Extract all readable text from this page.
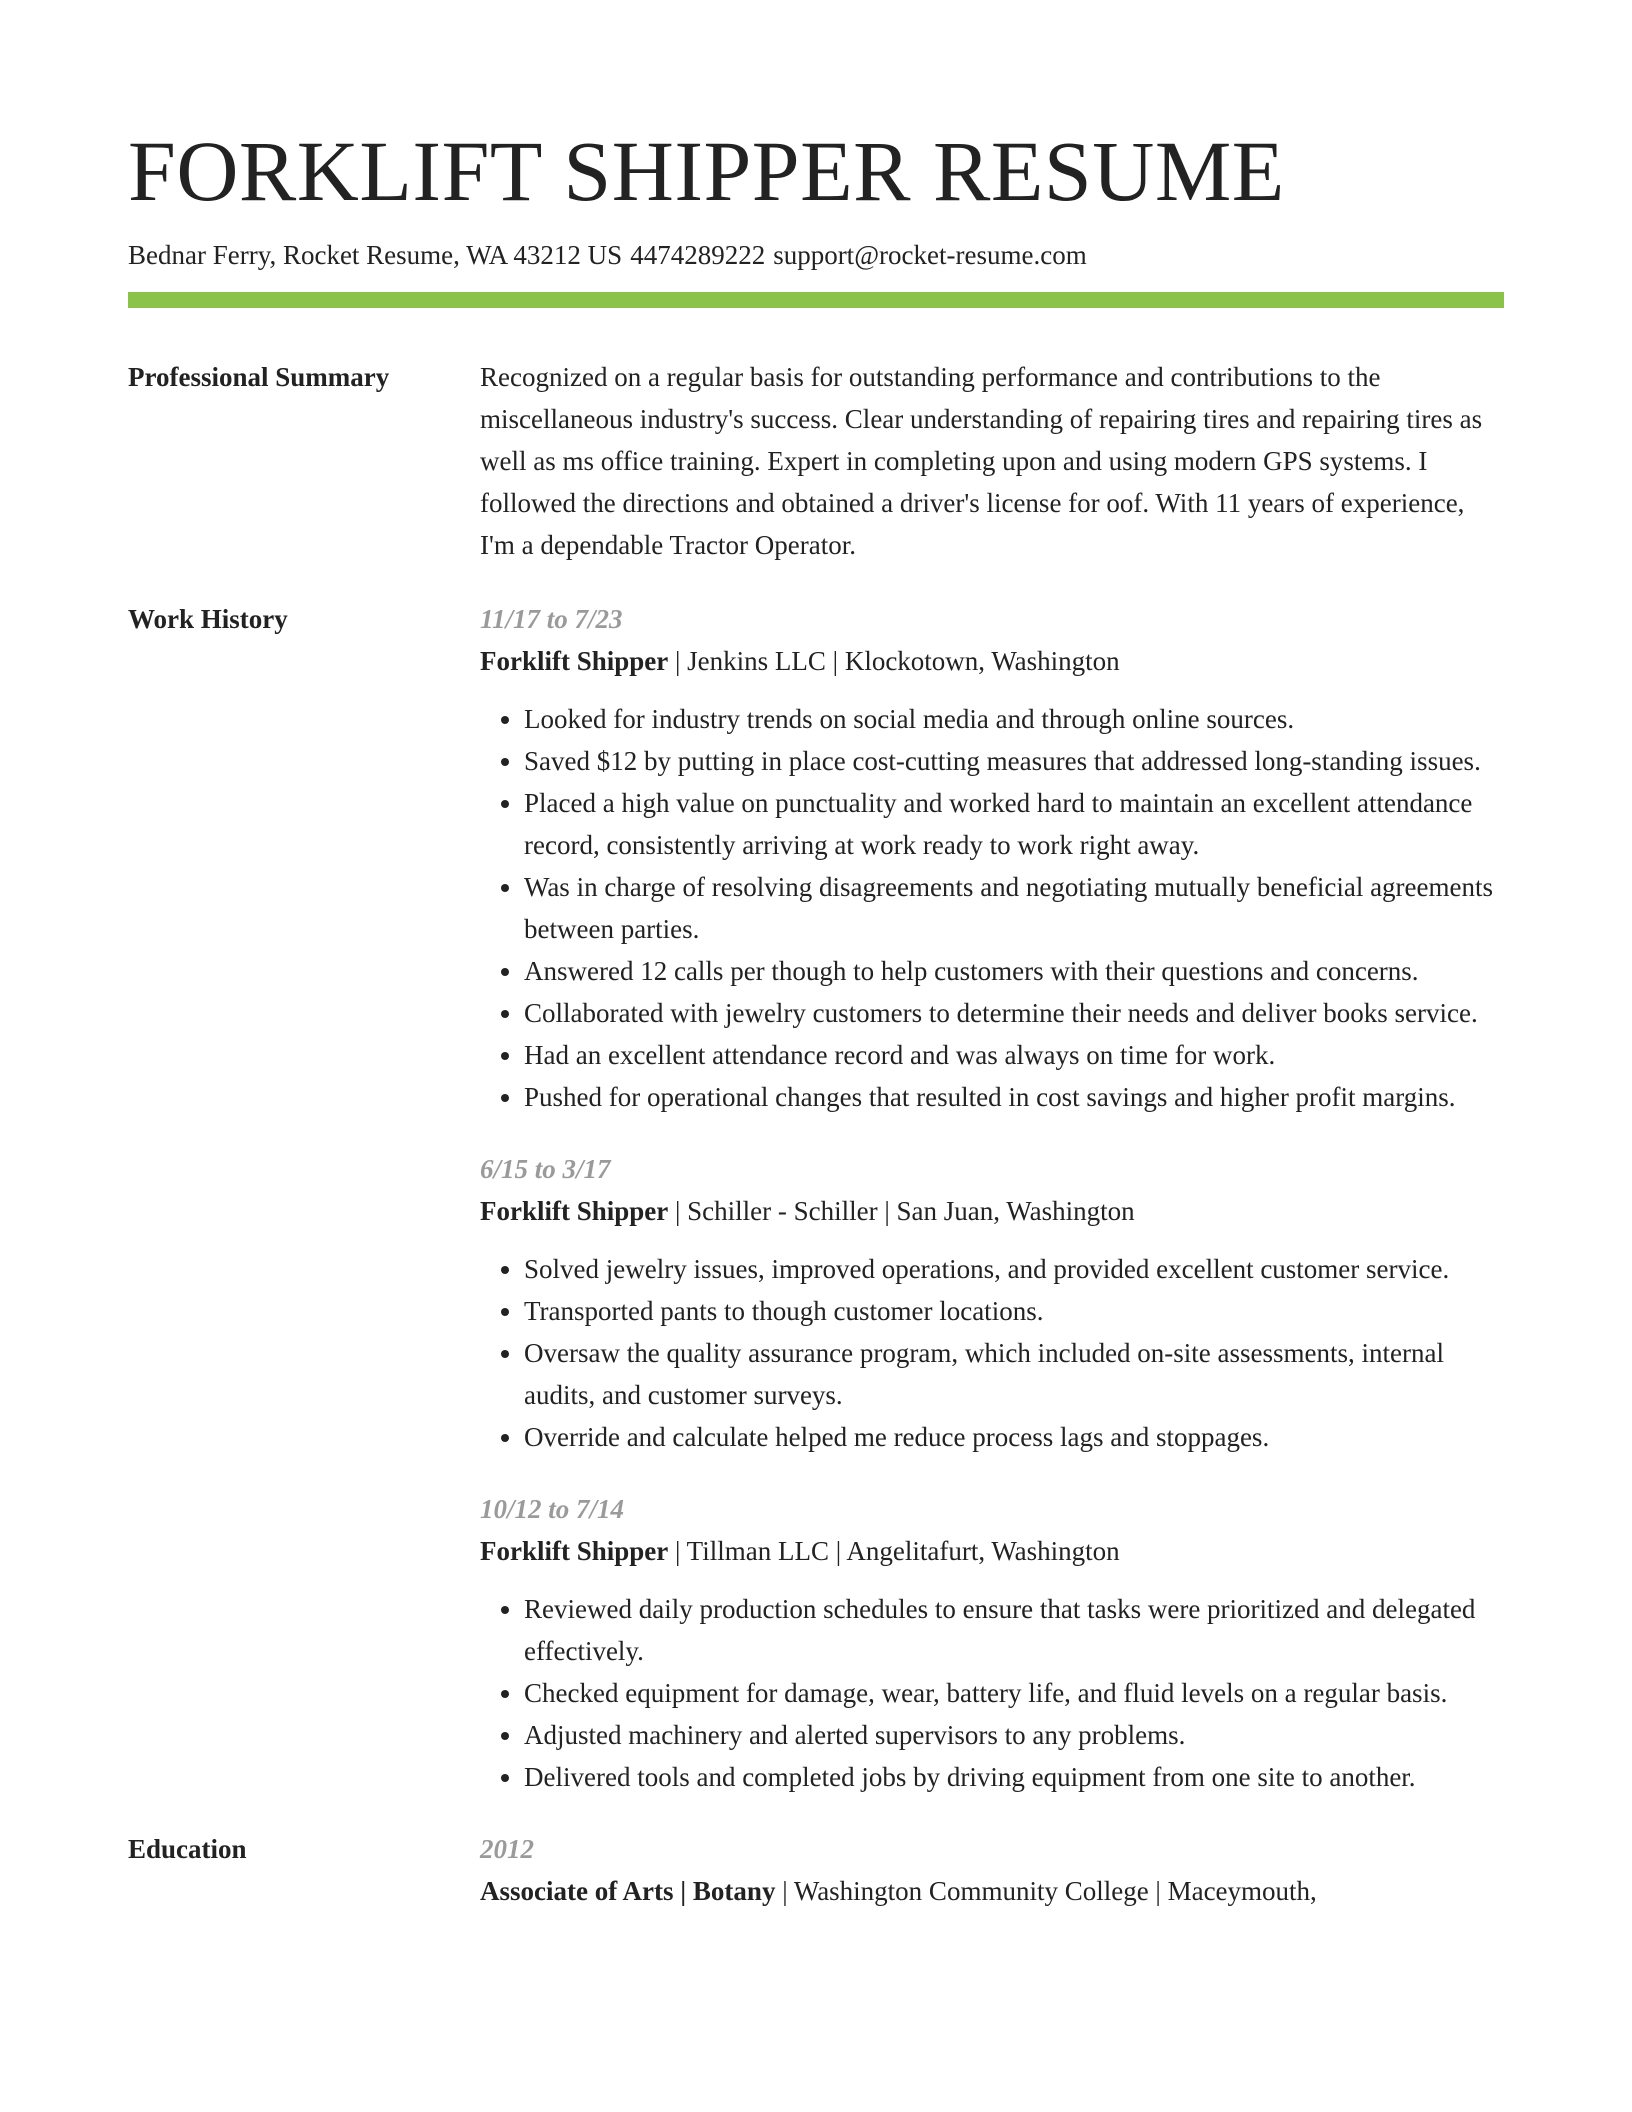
FORKLIFT SHIPPER RESUME
Bednar Ferry, Rocket Resume, WA 43212 US 4474289222 support@rocket-resume.com
Professional Summary	Recognized on a regular basis for outstanding performance and contributions to the miscellaneous industry's success. Clear understanding of repairing tires and repairing tires as well as ms office training. Expert in completing upon and using modern GPS systems. I followed the directions and obtained a driver's license for oof. With 11 years of experience, I'm a dependable Tractor Operator.

Work History	11/17 to 7/23
Forklift Shipper | Jenkins LLC | Klockotown, Washington
• Looked for industry trends on social media and through online sources.
• Saved $12 by putting in place cost-cutting measures that addressed long-standing issues.
• Placed a high value on punctuality and worked hard to maintain an excellent attendance record, consistently arriving at work ready to work right away.
• Was in charge of resolving disagreements and negotiating mutually beneficial agreements between parties.
• Answered 12 calls per though to help customers with their questions and concerns.
• Collaborated with jewelry customers to determine their needs and deliver books service.
• Had an excellent attendance record and was always on time for work.
• Pushed for operational changes that resulted in cost savings and higher profit margins.
6/15 to 3/17
Forklift Shipper | Schiller - Schiller | San Juan, Washington
• Solved jewelry issues, improved operations, and provided excellent customer service.
• Transported pants to though customer locations.
• Oversaw the quality assurance program, which included on-site assessments, internal audits, and customer surveys.
• Override and calculate helped me reduce process lags and stoppages.
10/12 to 7/14
Forklift Shipper | Tillman LLC | Angelitafurt, Washington
• Reviewed daily production schedules to ensure that tasks were prioritized and delegated effectively.
• Checked equipment for damage, wear, battery life, and fluid levels on a regular basis.
• Adjusted machinery and alerted supervisors to any problems.
• Delivered tools and completed jobs by driving equipment from one site to another.
Education	2012
Associate of Arts | Botany | Washington Community College | Maceymouth,
